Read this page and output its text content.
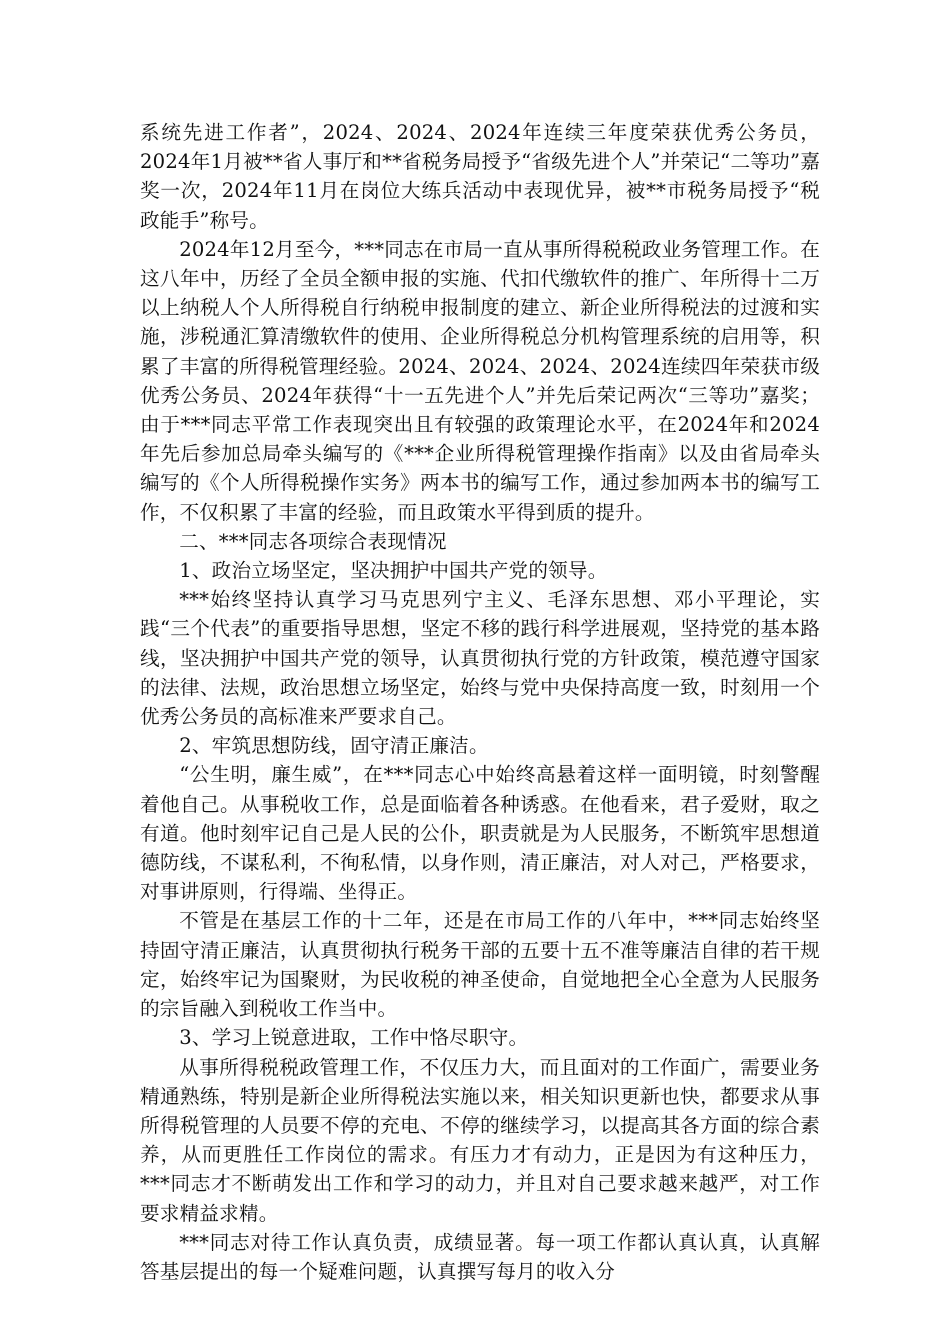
系统先进工作者”，2024、2024、2024年连续三年度荣获优秀公务员，2024年1月被**省人事厅和**省税务局授予“省级先进个人”并荣记“二等功”嘉奖一次，2024年11月在岗位大练兵活动中表现优异，被**市税务局授予“税政能手”称号。

2024年12月至今，***同志在市局一直从事所得税税政业务管理工作。在这八年中，历经了全员全额申报的实施、代扣代缴软件的推广、年所得十二万以上纳税人个人所得税自行纳税申报制度的建立、新企业所得税法的过渡和实施，涉税通汇算清缴软件的使用、企业所得税总分机构管理系统的启用等，积累了丰富的所得税管理经验。2024、2024、2024、2024连续四年荣获市级优秀公务员、2024年获得“十一五先进个人”并先后荣记两次“三等功”嘉奖；由于***同志平常工作表现突出且有较强的政策理论水平，在2024年和2024年先后参加总局牵头编写的《***企业所得税管理操作指南》以及由省局牵头编写的《个人所得税操作实务》两本书的编写工作，通过参加两本书的编写工作，不仅积累了丰富的经验，而且政策水平得到质的提升。

二、***同志各项综合表现情况

1、政治立场坚定，坚决拥护中国共产党的领导。

***始终坚持认真学习马克思列宁主义、毛泽东思想、邓小平理论，实践“三个代表”的重要指导思想，坚定不移的践行科学进展观，坚持党的基本路线，坚决拥护中国共产党的领导，认真贯彻执行党的方针政策，模范遵守国家的法律、法规，政治思想立场坚定，始终与党中央保持高度一致，时刻用一个优秀公务员的高标准来严要求自己。

2、牢筑思想防线，固守清正廉洁。

“公生明，廉生威”，在***同志心中始终高悬着这样一面明镜，时刻警醒着他自己。从事税收工作，总是面临着各种诱惑。在他看来，君子爱财，取之有道。他时刻牢记自己是人民的公仆，职责就是为人民服务，不断筑牢思想道德防线，不谋私利，不徇私情，以身作则，清正廉洁，对人对己，严格要求，对事讲原则，行得端、坐得正。

不管是在基层工作的十二年，还是在市局工作的八年中，***同志始终坚持固守清正廉洁，认真贯彻执行税务干部的五要十五不准等廉洁自律的若干规定，始终牢记为国聚财，为民收税的神圣使命，自觉地把全心全意为人民服务的宗旨融入到税收工作当中。

3、学习上锐意进取，工作中恪尽职守。

从事所得税税政管理工作，不仅压力大，而且面对的工作面广，需要业务精通熟练，特别是新企业所得税法实施以来，相关知识更新也快，都要求从事所得税管理的人员要不停的充电、不停的继续学习，以提高其各方面的综合素养，从而更胜任工作岗位的需求。有压力才有动力，正是因为有这种压力，***同志才不断萌发出工作和学习的动力，并且对自己要求越来越严，对工作要求精益求精。

***同志对待工作认真负责，成绩显著。每一项工作都认真认真，认真解答基层提出的每一个疑难问题，认真撰写每月的收入分
